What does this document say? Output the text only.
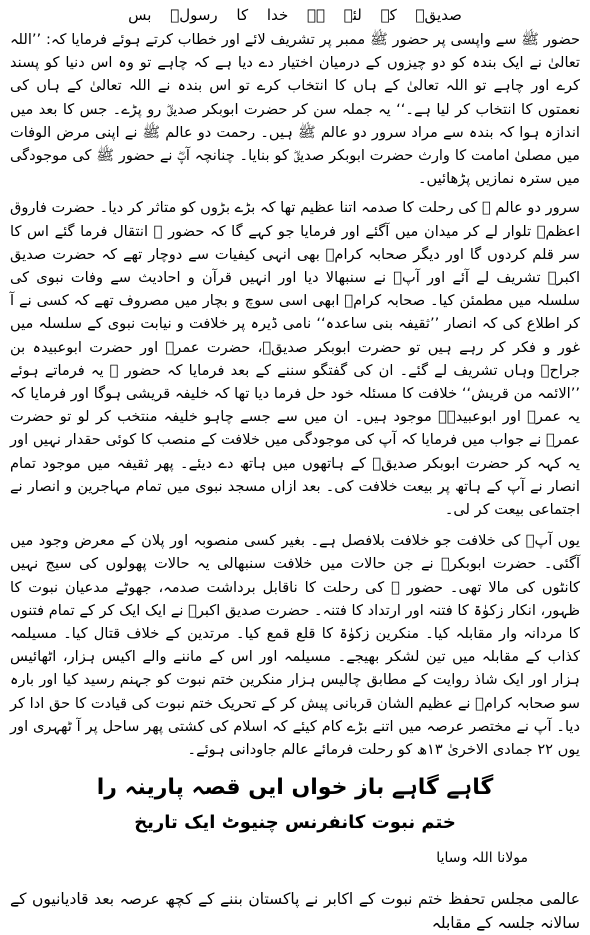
صدیقؓ کے لئے ہے خدا کا رسولؐ بس

حضور ﷺ سے واپسی پر حضور ﷺ ممبر پر تشریف لائے اور خطاب کرتے ہوئے فرمایا کہ: ’’اللہ تعالیٰ نے ایک بندہ کو دو چیزوں کے درمیان اختیار دے دیا ہے کہ چاہے تو وہ اس دنیا کو پسند کرے اور چاہے تو اللہ تعالیٰ کے ہاں کا انتخاب کرے تو اس بندہ نے اللہ تعالیٰ کے ہاں کی نعمتوں کا انتخاب کر لیا ہے۔‘‘ یہ جملہ سن کر حضرت ابوبکر صدیقؓ رو پڑے۔ جس کا بعد میں اندازہ ہوا کہ بندہ سے مراد سرور دو عالم ﷺ ہیں۔ رحمت دو عالم ﷺ نے اپنی مرض الوفات میں مصلیٰ امامت کا وارث حضرت ابوبکر صدیقؓ کو بنایا۔ چنانچہ آپؓ نے حضور ﷺ کی موجودگی میں سترہ نمازیں پڑھائیں۔

سرور دو عالم ﷺ کی رحلت کا صدمہ اتنا عظیم تھا کہ بڑے بڑوں کو متاثر کر دیا۔ حضرت فاروق اعظمؓ تلوار لے کر میدان میں آگئے اور فرمایا جو کہے گا کہ حضور ﷺ انتقال فرما گئے اس کا سر قلم کردوں گا اور دیگر صحابہ کرامؓ بھی انہی کیفیات سے دوچار تھے کہ حضرت صدیق اکبرؓ تشریف لے آئے اور آپؓ نے سنبھالا دیا اور انہیں قرآن و احادیث سے وفات نبوی کی سلسلہ میں مطمئن کیا۔ صحابہ کرامؓ ابھی اسی سوچ و بچار میں مصروف تھے کہ کسی نے آ کر اطلاع کی کہ انصار ’’ثقیفہ بنی ساعدہ‘‘ نامی ڈیرہ پر خلافت و نیابت نبوی کے سلسلہ میں غور و فکر کر رہے ہیں تو حضرت ابوبکر صدیقؓ، حضرت عمرؓ اور حضرت ابوعبیدہ بن جراحؓ وہاں تشریف لے گئے۔ ان کی گفتگو سننے کے بعد فرمایا کہ حضور ﷺ یہ فرماتے ہوئے ’’الائمہ من قریش‘‘ خلافت کا مسئلہ خود حل فرما دیا تھا کہ خلیفہ قریشی ہوگا اور فرمایا کہ یہ عمرؓ اور ابوعبیدہؓ موجود ہیں۔ ان میں سے جسے چاہو خلیفہ منتخب کر لو تو حضرت عمرؓ نے جواب میں فرمایا کہ آپ کی موجودگی میں خلافت کے منصب کا کوئی حقدار نہیں اور یہ کہہ کر حضرت ابوبکر صدیقؓ کے ہاتھوں میں ہاتھ دے دیئے۔ پھر ثقیفہ میں موجود تمام انصار نے آپ کے ہاتھ پر بیعت خلافت کی۔ بعد ازاں مسجد نبوی میں تمام مہاجرین و انصار نے اجتماعی بیعت کر لی۔

یوں آپؓ کی خلافت جو خلافت بلافصل ہے۔ بغیر کسی منصوبہ اور پلان کے معرض وجود میں آگئی۔ حضرت ابوبکرؓ نے جن حالات میں خلافت سنبھالی یہ حالات پھولوں کی سیج نہیں کانٹوں کی مالا تھی۔ حضور ﷺ کی رحلت کا ناقابل برداشت صدمہ، جھوٹے مدعیان نبوت کا ظہور، انکار زکوٰۃ کا فتنہ اور ارتداد کا فتنہ۔ حضرت صدیق اکبرؓ نے ایک ایک کر کے تمام فتنوں کا مردانہ وار مقابلہ کیا۔ منکرین زکوٰۃ کا قلع قمع کیا۔ مرتدین کے خلاف قتال کیا۔ مسیلمہ کذاب کے مقابلہ میں تین لشکر بھیجے۔ مسیلمہ اور اس کے ماننے والے اکیس ہزار، اٹھائیس ہزار اور ایک شاذ روایت کے مطابق چالیس ہزار منکرین ختم نبوت کو جہنم رسید کیا اور بارہ سو صحابہ کرامؓ نے عظیم الشان قربانی پیش کر کے تحریک ختم نبوت کی قیادت کا حق ادا کر دیا۔ آپ نے مختصر عرصہ میں اتنے بڑے کام کیئے کہ اسلام کی کشتی پھر ساحل پر آ ٹھہری اور یوں ۲۲ جمادی الاخریٰ ۱۳ھ کو رحلت فرمائے عالم جاودانی ہوئے۔

گاہے گاہے باز خواں ایں قصہ پارینہ را
ختم نبوت کانفرنس چنیوٹ ایک تاریخ
مولانا اللہ وسایا

عالمی مجلس تحفظ ختم نبوت کے اکابر نے پاکستان بننے کے کچھ عرصہ بعد قادیانیوں کے سالانہ جلسہ کے مقابلہ
